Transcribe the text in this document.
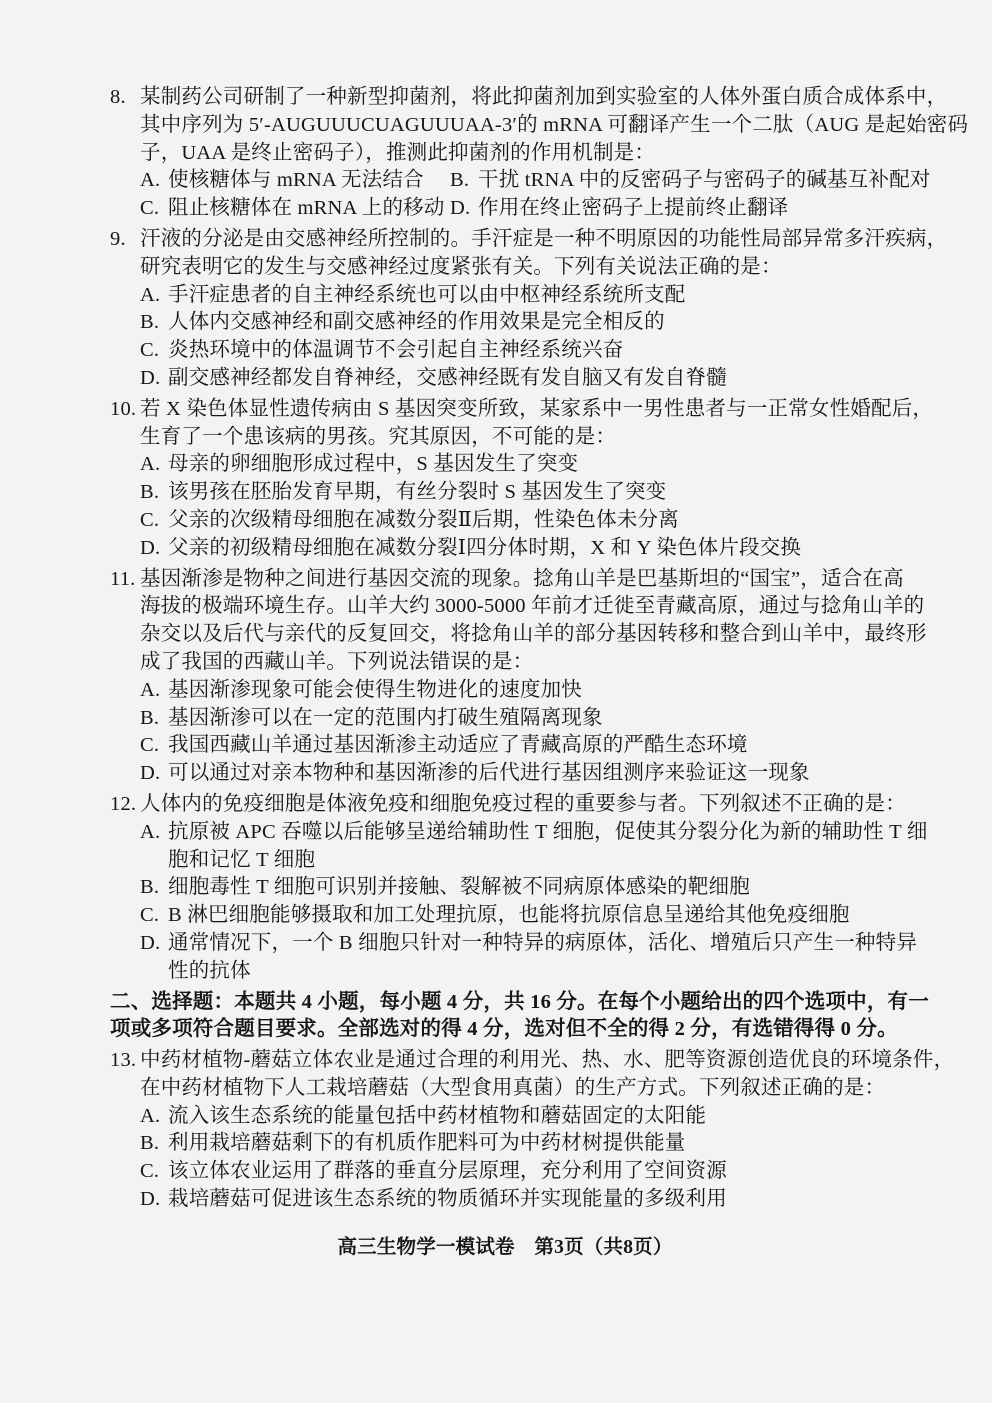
8. 某制药公司研制了一种新型抑菌剂，将此抑菌剂加到实验室的人体外蛋白质合成体系中，
其中序列为 5′-AUGUUUCUAGUUUAA-3′的 mRNA 可翻译产生一个二肽（AUG 是起始密码
子，UAA 是终止密码子），推测此抑菌剂的作用机制是：
A. 使核糖体与 mRNA 无法结合 B. 干扰 tRNA 中的反密码子与密码子的碱基互补配对
C. 阻止核糖体在 mRNA 上的移动 D. 作用在终止密码子上提前终止翻译
9. 汗液的分泌是由交感神经所控制的。手汗症是一种不明原因的功能性局部异常多汗疾病，
研究表明它的发生与交感神经过度紧张有关。下列有关说法正确的是：
A. 手汗症患者的自主神经系统也可以由中枢神经系统所支配
B. 人体内交感神经和副交感神经的作用效果是完全相反的
C. 炎热环境中的体温调节不会引起自主神经系统兴奋
D. 副交感神经都发自脊神经，交感神经既有发自脑又有发自脊髓
10. 若 X 染色体显性遗传病由 S 基因突变所致，某家系中一男性患者与一正常女性婚配后，
生育了一个患该病的男孩。究其原因，不可能的是：
A. 母亲的卵细胞形成过程中，S 基因发生了突变
B. 该男孩在胚胎发育早期，有丝分裂时 S 基因发生了突变
C. 父亲的次级精母细胞在减数分裂Ⅱ后期，性染色体未分离
D. 父亲的初级精母细胞在减数分裂Ⅰ四分体时期，X 和 Y 染色体片段交换
11. 基因渐渗是物种之间进行基因交流的现象。捻角山羊是巴基斯坦的“国宝”，适合在高
海拔的极端环境生存。山羊大约 3000-5000 年前才迁徙至青藏高原，通过与捻角山羊的
杂交以及后代与亲代的反复回交，将捻角山羊的部分基因转移和整合到山羊中，最终形
成了我国的西藏山羊。下列说法错误的是：
A. 基因渐渗现象可能会使得生物进化的速度加快
B. 基因渐渗可以在一定的范围内打破生殖隔离现象
C. 我国西藏山羊通过基因渐渗主动适应了青藏高原的严酷生态环境
D. 可以通过对亲本物种和基因渐渗的后代进行基因组测序来验证这一现象
12. 人体内的免疫细胞是体液免疫和细胞免疫过程的重要参与者。下列叙述不正确的是：
A. 抗原被 APC 吞噬以后能够呈递给辅助性 T 细胞，促使其分裂分化为新的辅助性 T 细
胞和记忆 T 细胞
B. 细胞毒性 T 细胞可识别并接触、裂解被不同病原体感染的靶细胞
C. B 淋巴细胞能够摄取和加工处理抗原，也能将抗原信息呈递给其他免疫细胞
D. 通常情况下，一个 B 细胞只针对一种特异的病原体，活化、增殖后只产生一种特异
性的抗体
二、选择题：本题共 4 小题，每小题 4 分，共 16 分。在每个小题给出的四个选项中，有一
项或多项符合题目要求。全部选对的得 4 分，选对但不全的得 2 分，有选错得得 0 分。
13. 中药材植物-蘑菇立体农业是通过合理的利用光、热、水、肥等资源创造优良的环境条件，
在中药材植物下人工栽培蘑菇（大型食用真菌）的生产方式。下列叙述正确的是：
A. 流入该生态系统的能量包括中药材植物和蘑菇固定的太阳能
B. 利用栽培蘑菇剩下的有机质作肥料可为中药材树提供能量
C. 该立体农业运用了群落的垂直分层原理，充分利用了空间资源
D. 栽培蘑菇可促进该生态系统的物质循环并实现能量的多级利用
高三生物学一模试卷　第3页（共8页）
